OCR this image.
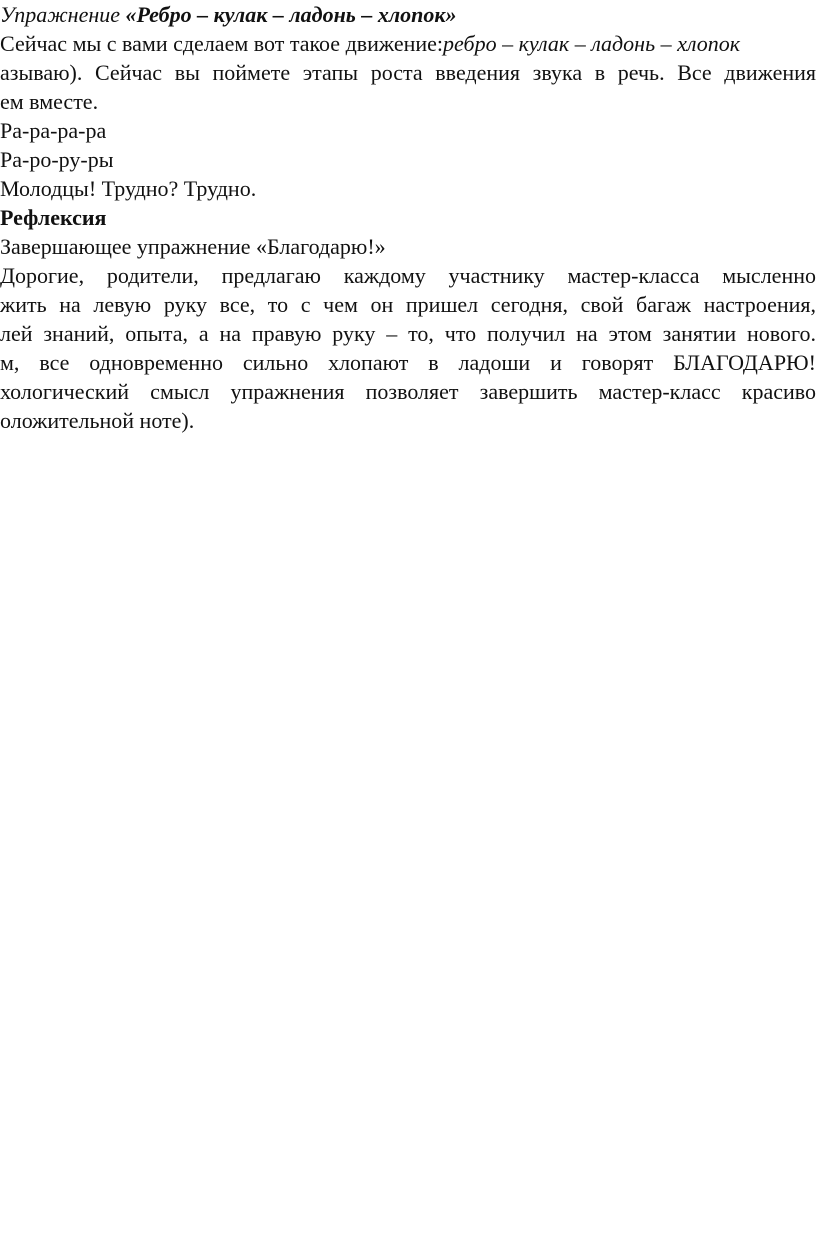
Упражнение «Ребро – кулак – ладонь – хлопок»
Сейчас мы с вами сделаем вот такое движение:ребро – кулак – ладонь – хлопок
азываю). Сейчас вы поймете этапы роста введения звука в речь. Все движения
ем вместе.
Ра-ра-ра-ра
Ра-ро-ру-ры
Молодцы! Трудно? Трудно.
Рефлексия
Завершающее упражнение «Благодарю!»
Дорогие, родители, предлагаю каждому участнику мастер-класса мысленно
жить на левую руку все, то с чем он пришел сегодня, свой багаж настроения,
лей знаний, опыта, а на правую руку – то, что получил на этом занятии нового.
м, все одновременно сильно хлопают в ладоши и говорят БЛАГОДАРЮ!
хологический смысл упражнения позволяет завершить мастер-класс красиво
оложительной ноте).
